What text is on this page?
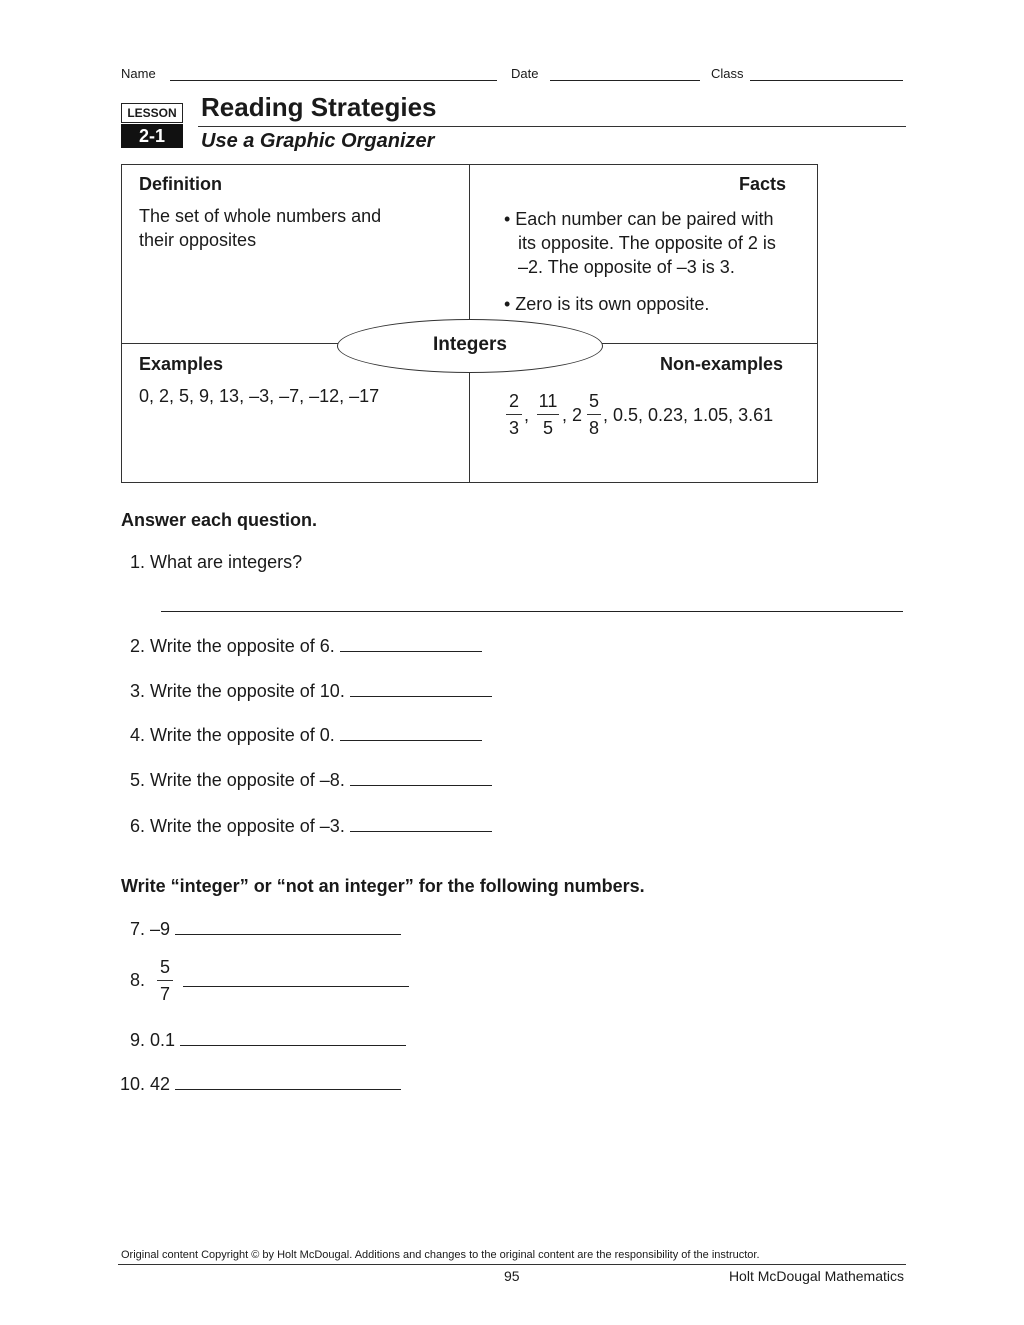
Name	Date	Class
LESSON
2-1
Reading Strategies
Use a Graphic Organizer
Definition
The set of whole numbers and
their opposites
Facts
• Each number can be paired with
its opposite. The opposite of 2 is
–2. The opposite of –3 is 3.
• Zero is its own opposite.
Integers
Examples
0, 2, 5, 9, 13, –3, –7, –12, –17
Non-examples
2
3
,
11
5
, 2
5
8
, 0.5, 0.23, 1.05, 3.61
Answer each question.
1. What are integers?
2. Write the opposite of 6.
3. Write the opposite of 10.
4. Write the opposite of 0.
5. Write the opposite of –8.
6. Write the opposite of –3.
Write “integer” or “not an integer” for the following numbers.
7. –9
8.
5
7
9. 0.1
10. 42
Original content Copyright © by Holt McDougal. Additions and changes to the original content are the responsibility of the instructor.
95	Holt McDougal Mathematics
